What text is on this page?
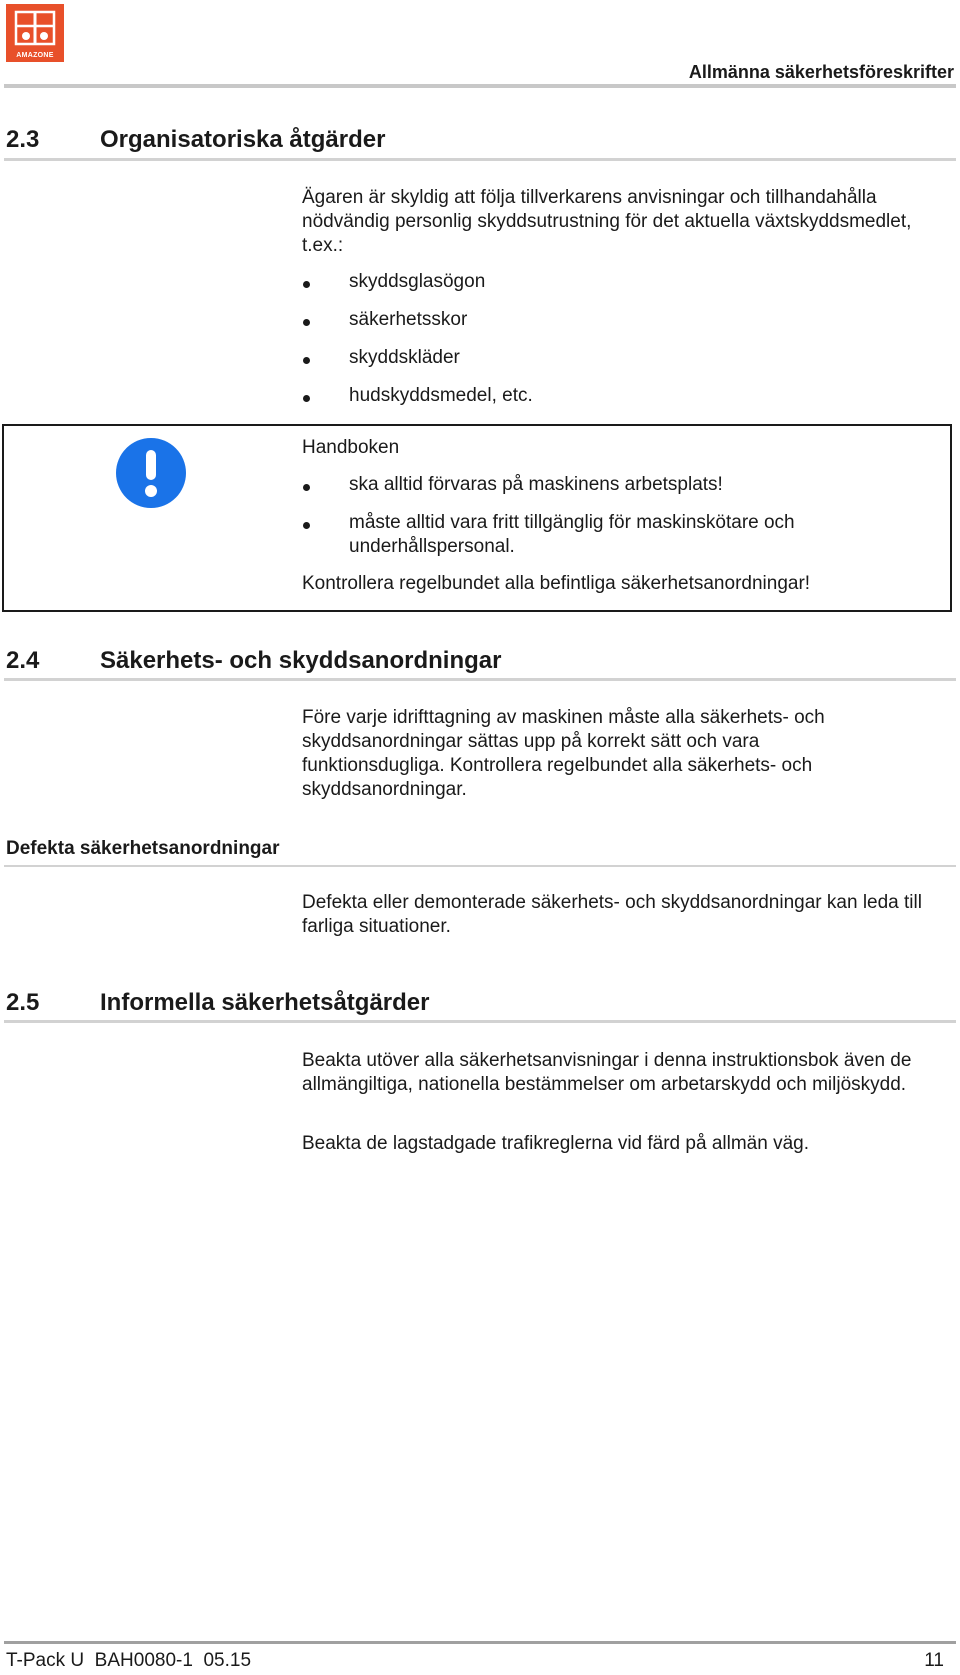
AMAZONE
Allmänna säkerhetsföreskrifter
2.3	Organisatoriska åtgärder
Ägaren är skyldig att följa tillverkarens anvisningar och tillhandahålla nödvändig personlig skyddsutrustning för det aktuella växtskyddsmedlet, t.ex.:
skyddsglasögon
säkerhetsskor
skyddskläder
hudskyddsmedel, etc.
Handboken
ska alltid förvaras på maskinens arbetsplats!
måste alltid vara fritt tillgänglig för maskinskötare och underhållspersonal.
Kontrollera regelbundet alla befintliga säkerhetsanordningar!
2.4	Säkerhets- och skyddsanordningar
Före varje idrifttagning av maskinen måste alla säkerhets- och skyddsanordningar sättas upp på korrekt sätt och vara funktionsdugliga. Kontrollera regelbundet alla säkerhets- och skyddsanordningar.
Defekta säkerhetsanordningar
Defekta eller demonterade säkerhets- och skyddsanordningar kan leda till farliga situationer.
2.5	Informella säkerhetsåtgärder
Beakta utöver alla säkerhetsanvisningar i denna instruktionsbok även de allmängiltiga, nationella bestämmelser om arbetarskydd och miljöskydd.
Beakta de lagstadgade trafikreglerna vid färd på allmän väg.
T-Pack U  BAH0080-1  05.15	11
